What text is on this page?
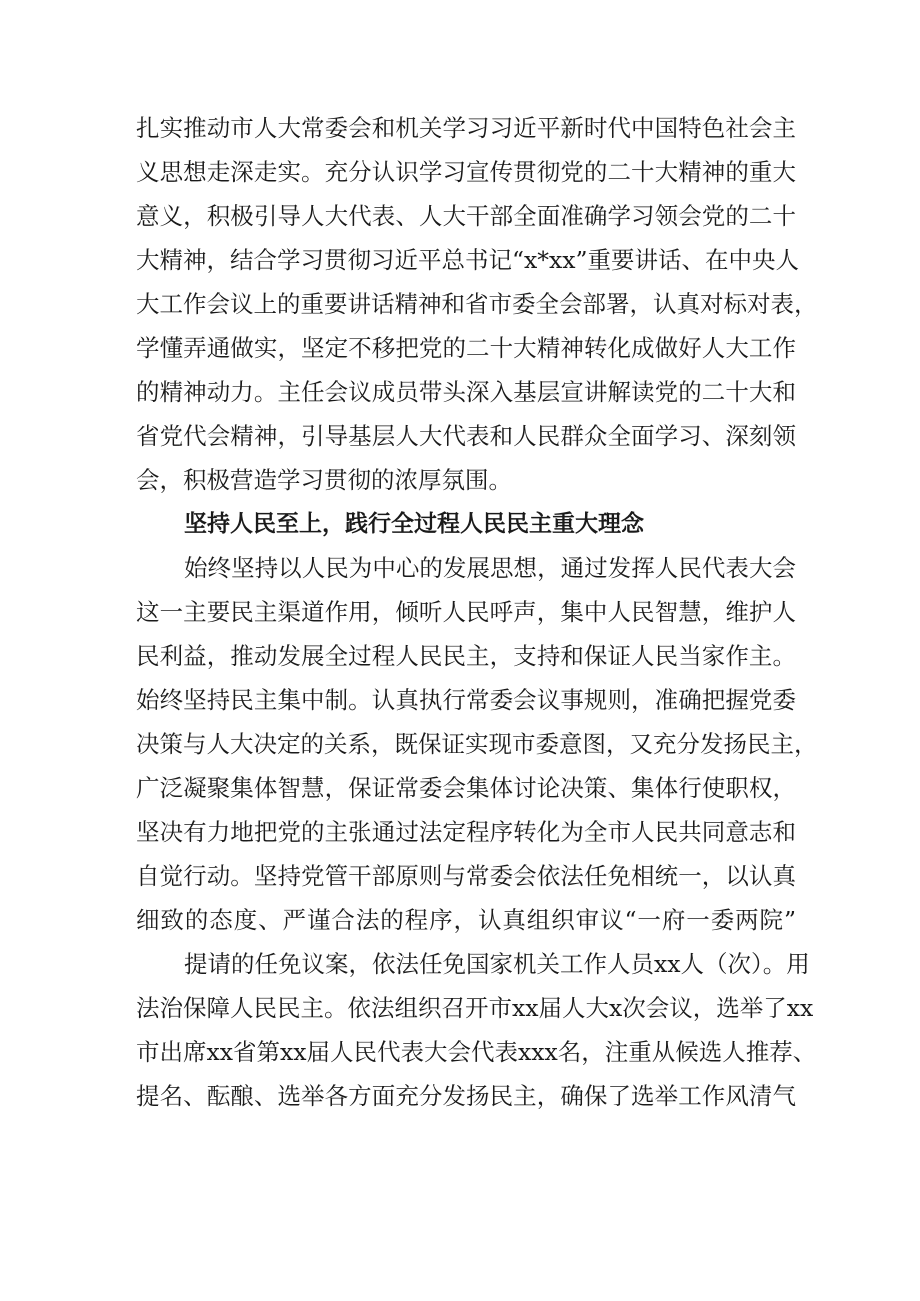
扎实推动市人大常委会和机关学习习近平新时代中国特色社会主
义思想走深走实。充分认识学习宣传贯彻党的二十大精神的重大
意义，积极引导人大代表、人大干部全面准确学习领会党的二十
大精神，结合学习贯彻习近平总书记“x*xx”重要讲话、在中央人
大工作会议上的重要讲话精神和省市委全会部署，认真对标对表，
学懂弄通做实，坚定不移把党的二十大精神转化成做好人大工作
的精神动力。主任会议成员带头深入基层宣讲解读党的二十大和
省党代会精神，引导基层人大代表和人民群众全面学习、深刻领
会，积极营造学习贯彻的浓厚氛围。
坚持人民至上，践行全过程人民民主重大理念
始终坚持以人民为中心的发展思想，通过发挥人民代表大会
这一主要民主渠道作用，倾听人民呼声，集中人民智慧，维护人
民利益，推动发展全过程人民民主，支持和保证人民当家作主。
始终坚持民主集中制。认真执行常委会议事规则，准确把握党委
决策与人大决定的关系，既保证实现市委意图，又充分发扬民主，
广泛凝聚集体智慧，保证常委会集体讨论决策、集体行使职权，
坚决有力地把党的主张通过法定程序转化为全市人民共同意志和
自觉行动。坚持党管干部原则与常委会依法任免相统一，以认真
细致的态度、严谨合法的程序，认真组织审议“一府一委两院”
提请的任免议案，依法任免国家机关工作人员xx人（次）。用
法治保障人民民主。依法组织召开市xx届人大x次会议，选举了xx
市出席xx省第xx届人民代表大会代表xxx名，注重从候选人推荐、
提名、酝酿、选举各方面充分发扬民主，确保了选举工作风清气
